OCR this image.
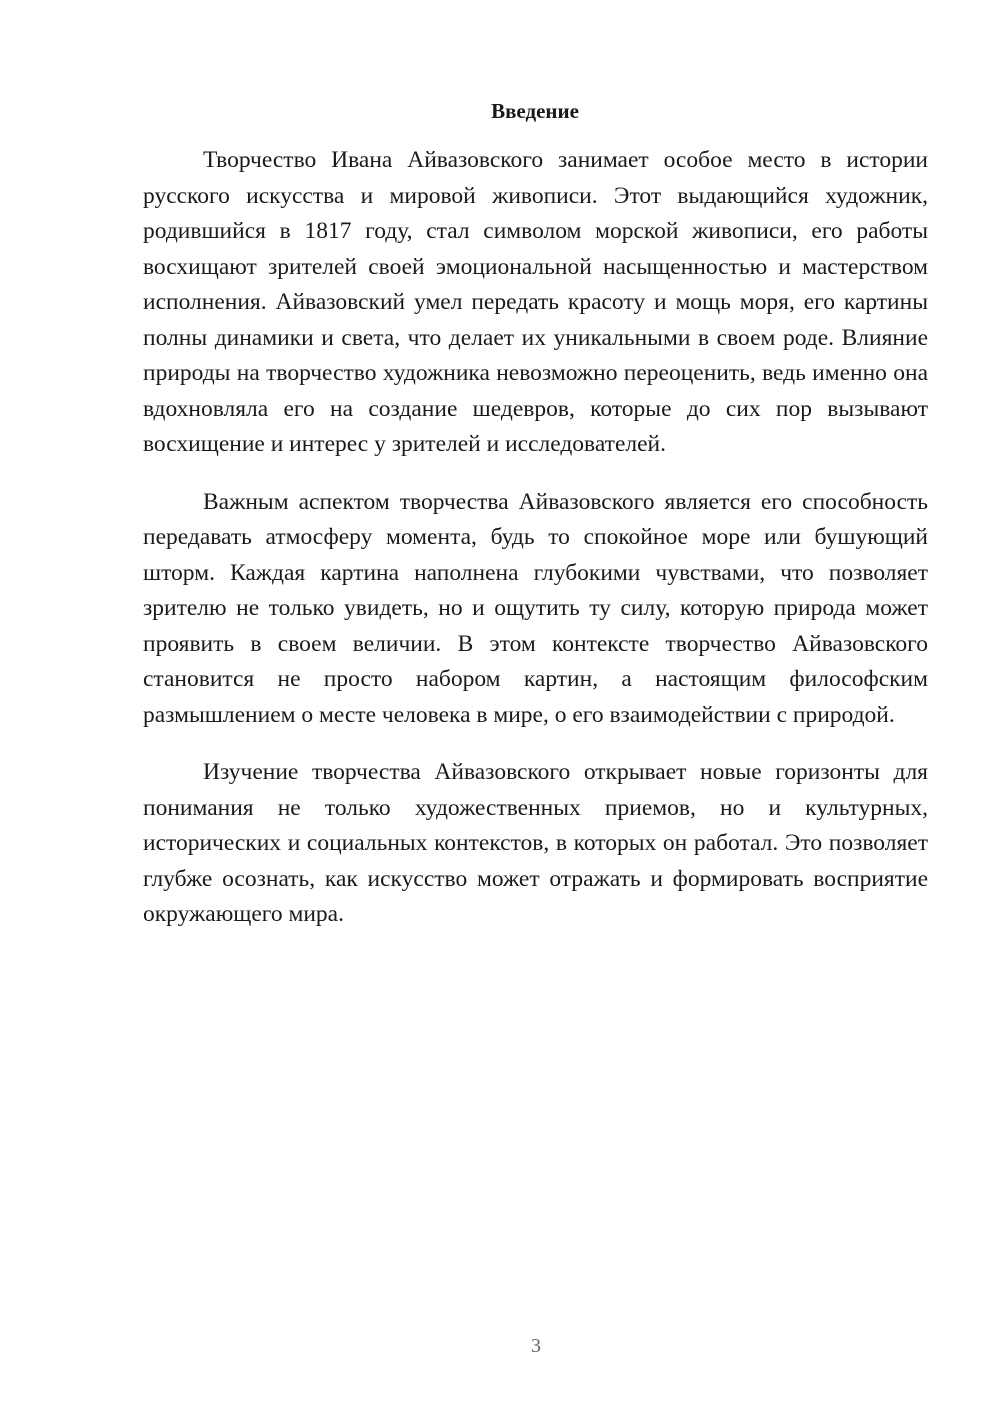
Введение

Творчество Ивана Айвазовского занимает особое место в истории русского искусства и мировой живописи. Этот выдающийся художник, родившийся в 1817 году, стал символом морской живописи, его работы восхищают зрителей своей эмоциональной насыщенностью и мастерством исполнения. Айвазовский умел передать красоту и мощь моря, его картины полны динамики и света, что делает их уникальными в своем роде. Влияние природы на творчество художника невозможно переоценить, ведь именно она вдохновляла его на создание шедевров, которые до сих пор вызывают восхищение и интерес у зрителей и исследователей.

Важным аспектом творчества Айвазовского является его способность передавать атмосферу момента, будь то спокойное море или бушующий шторм. Каждая картина наполнена глубокими чувствами, что позволяет зрителю не только увидеть, но и ощутить ту силу, которую природа может проявить в своем величии. В этом контексте творчество Айвазовского становится не просто набором картин, а настоящим философским размышлением о месте человека в мире, о его взаимодействии с природой.

Изучение творчества Айвазовского открывает новые горизонты для понимания не только художественных приемов, но и культурных, исторических и социальных контекстов, в которых он работал. Это позволяет глубже осознать, как искусство может отражать и формировать восприятие окружающего мира.

3
